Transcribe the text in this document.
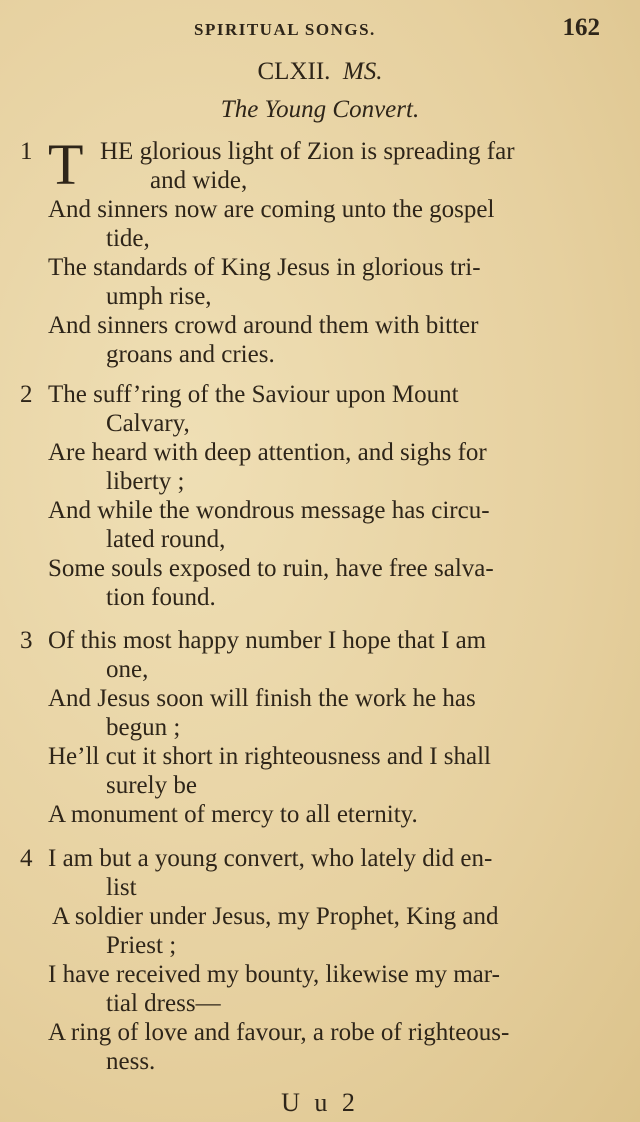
SPIRITUAL SONGS.	162
CLXII. MS.
The Young Convert.
1 T HE glorious light of Zion is spreading far
and wide,
And sinners now are coming unto the gospel
tide,
The standards of King Jesus in glorious tri-
umph rise,
And sinners crowd around them with bitter
groans and cries.
2 The suff’ring of the Saviour upon Mount
Calvary,
Are heard with deep attention, and sighs for
liberty ;
And while the wondrous message has circu-
lated round,
Some souls exposed to ruin, have free salva-
tion found.
3 Of this most happy number I hope that I am
one,
And Jesus soon will finish the work he has
begun ;
He’ll cut it short in righteousness and I shall
surely be
A monument of mercy to all eternity.
4 I am but a young convert, who lately did en-
list
A soldier under Jesus, my Prophet, King and
Priest ;
I have received my bounty, likewise my mar-
tial dress—
A ring of love and favour, a robe of righteous-
ness.
U u 2
